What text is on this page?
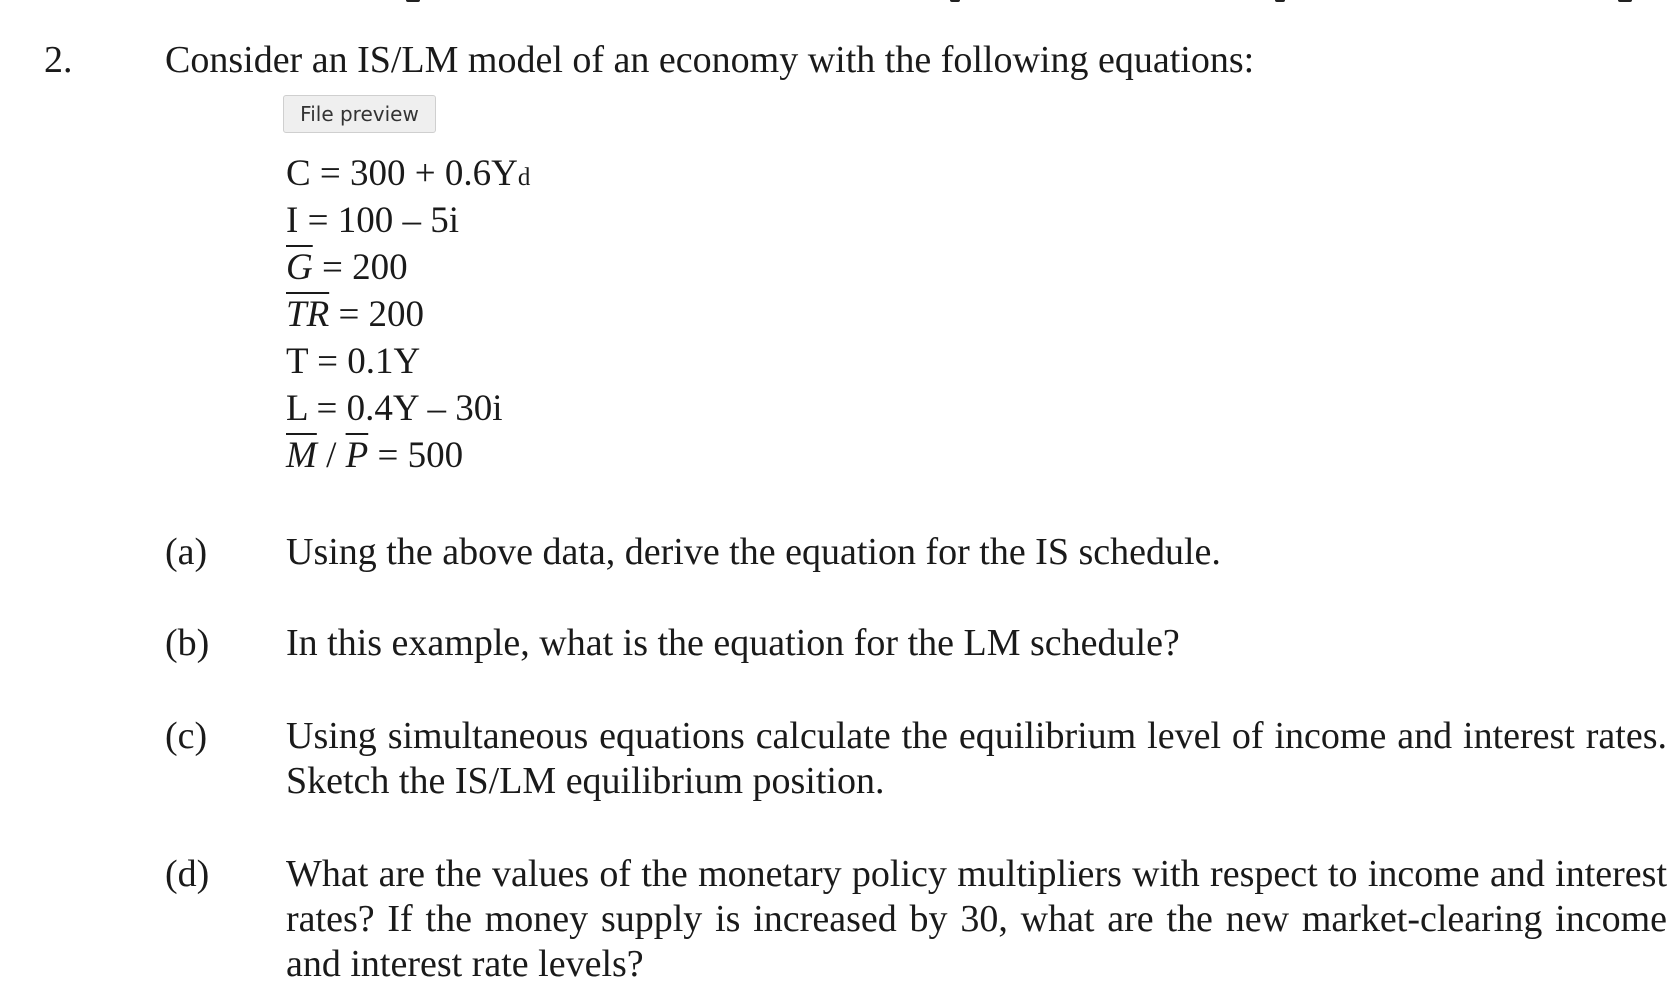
2. Consider an IS/LM model of an economy with the following equations:
File preview
C = 300 + 0.6Yd
I = 100 – 5i
$\overline{G} = 200$
$\overline{TR} = 200$
T = 0.1Y
L = 0.4Y – 30i
$\overline{M} / \overline{P} = 500$
(a) Using the above data, derive the equation for the IS schedule.
(b) In this example, what is the equation for the LM schedule?
(c) Using simultaneous equations calculate the equilibrium level of income and interest rates. Sketch the IS/LM equilibrium position.
(d) What are the values of the monetary policy multipliers with respect to income and interest rates? If the money supply is increased by 30, what are the new market-clearing income and interest rate levels?
